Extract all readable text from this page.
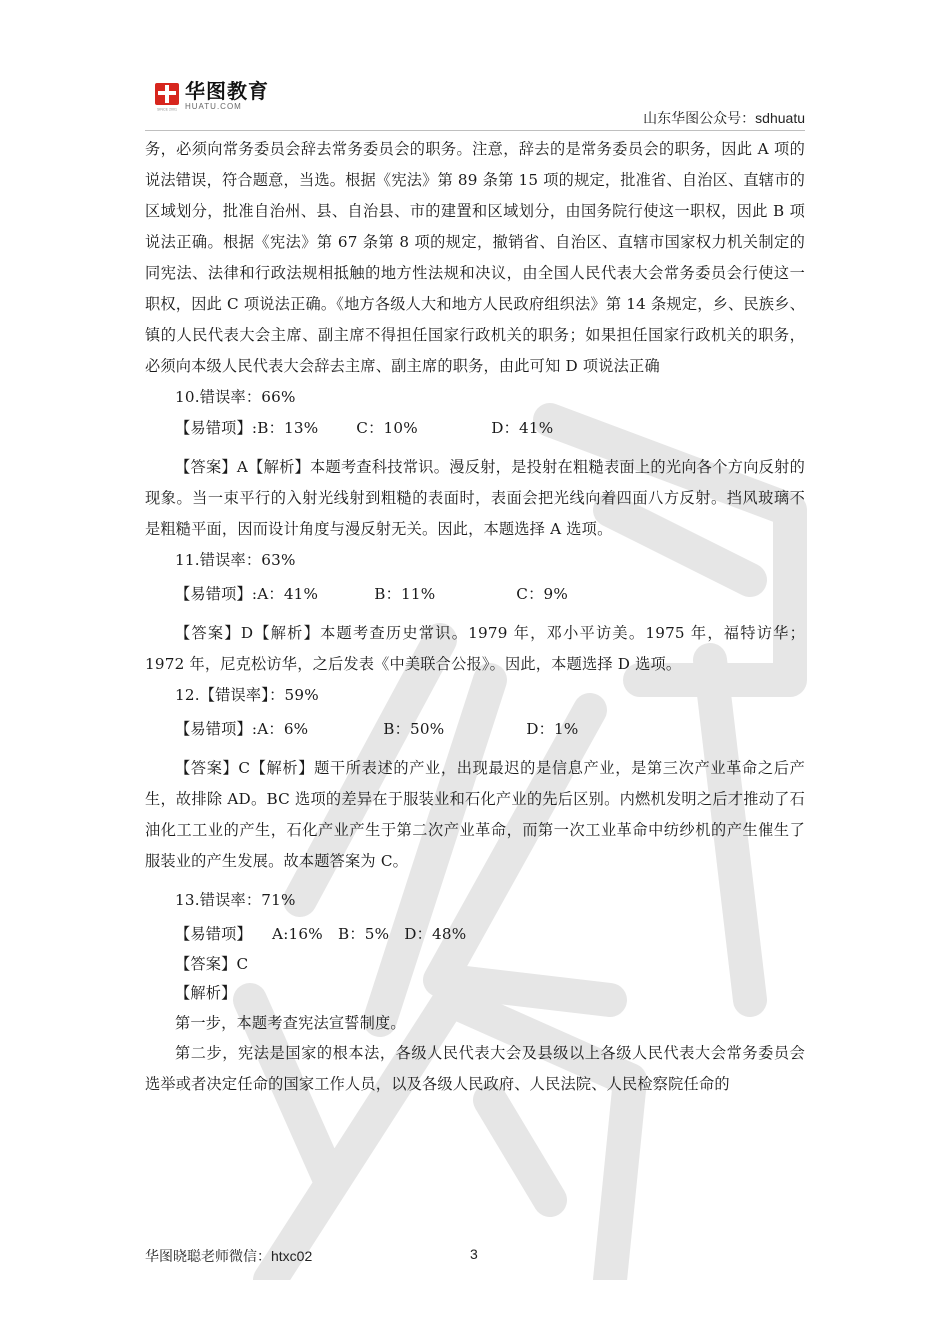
SINCE 2001
华图教育
HUATU.COM
山东华图公众号：sdhuatu

务，必须向常务委员会辞去常务委员会的职务。注意，辞去的是常务委员会的职务，因此 A 项的说法错误，符合题意，当选。根据《宪法》第 89 条第 15 项的规定，批准省、自治区、直辖市的区域划分，批准自治州、县、自治县、市的建置和区域划分，由国务院行使这一职权，因此 B 项说法正确。根据《宪法》第 67 条第 8 项的规定，撤销省、自治区、直辖市国家权力机关制定的同宪法、法律和行政法规相抵触的地方性法规和决议，由全国人民代表大会常务委员会行使这一职权，因此 C 项说法正确。《地方各级人大和地方人民政府组织法》第 14 条规定，乡、民族乡、镇的人民代表大会主席、副主席不得担任国家行政机关的职务；如果担任国家行政机关的职务，必须向本级人民代表大会辞去主席、副主席的职务，由此可知 D 项说法正确

10.错误率：66%

【易错项】: B：13%	C：10%	D：41%

【答案】A【解析】本题考查科技常识。漫反射，是投射在粗糙表面上的光向各个方向反射的现象。当一束平行的入射光线射到粗糙的表面时，表面会把光线向着四面八方反射。挡风玻璃不是粗糙平面，因而设计角度与漫反射无关。因此，本题选择 A 选项。

11.错误率：63%

【易错项】: A：41%	B：11%	C：9%

【答案】D【解析】本题考查历史常识。1979 年，邓小平访美。1975 年，福特访华；1972 年，尼克松访华，之后发表《中美联合公报》。因此，本题选择 D 选项。

12.【错误率】：59%

【易错项】: A：6%	B：50%	D：1%

【答案】C【解析】题干所表述的产业，出现最迟的是信息产业，是第三次产业革命之后产生，故排除 AD。BC 选项的差异在于服装业和石化产业的先后区别。内燃机发明之后才推动了石油化工工业的产生，石化产业产生于第二次产业革命，而第一次工业革命中纺纱机的产生催生了服装业的产生发展。故本题答案为 C。

13.错误率：71%

【易错项】    A:16%   B：5%   D：48%

【答案】C

【解析】

第一步，本题考查宪法宣誓制度。

第二步，宪法是国家的根本法，各级人民代表大会及县级以上各级人民代表大会常务委员会选举或者决定任命的国家工作人员，以及各级人民政府、人民法院、人民检察院任命的

华图晓聪老师微信：htxc02	3
